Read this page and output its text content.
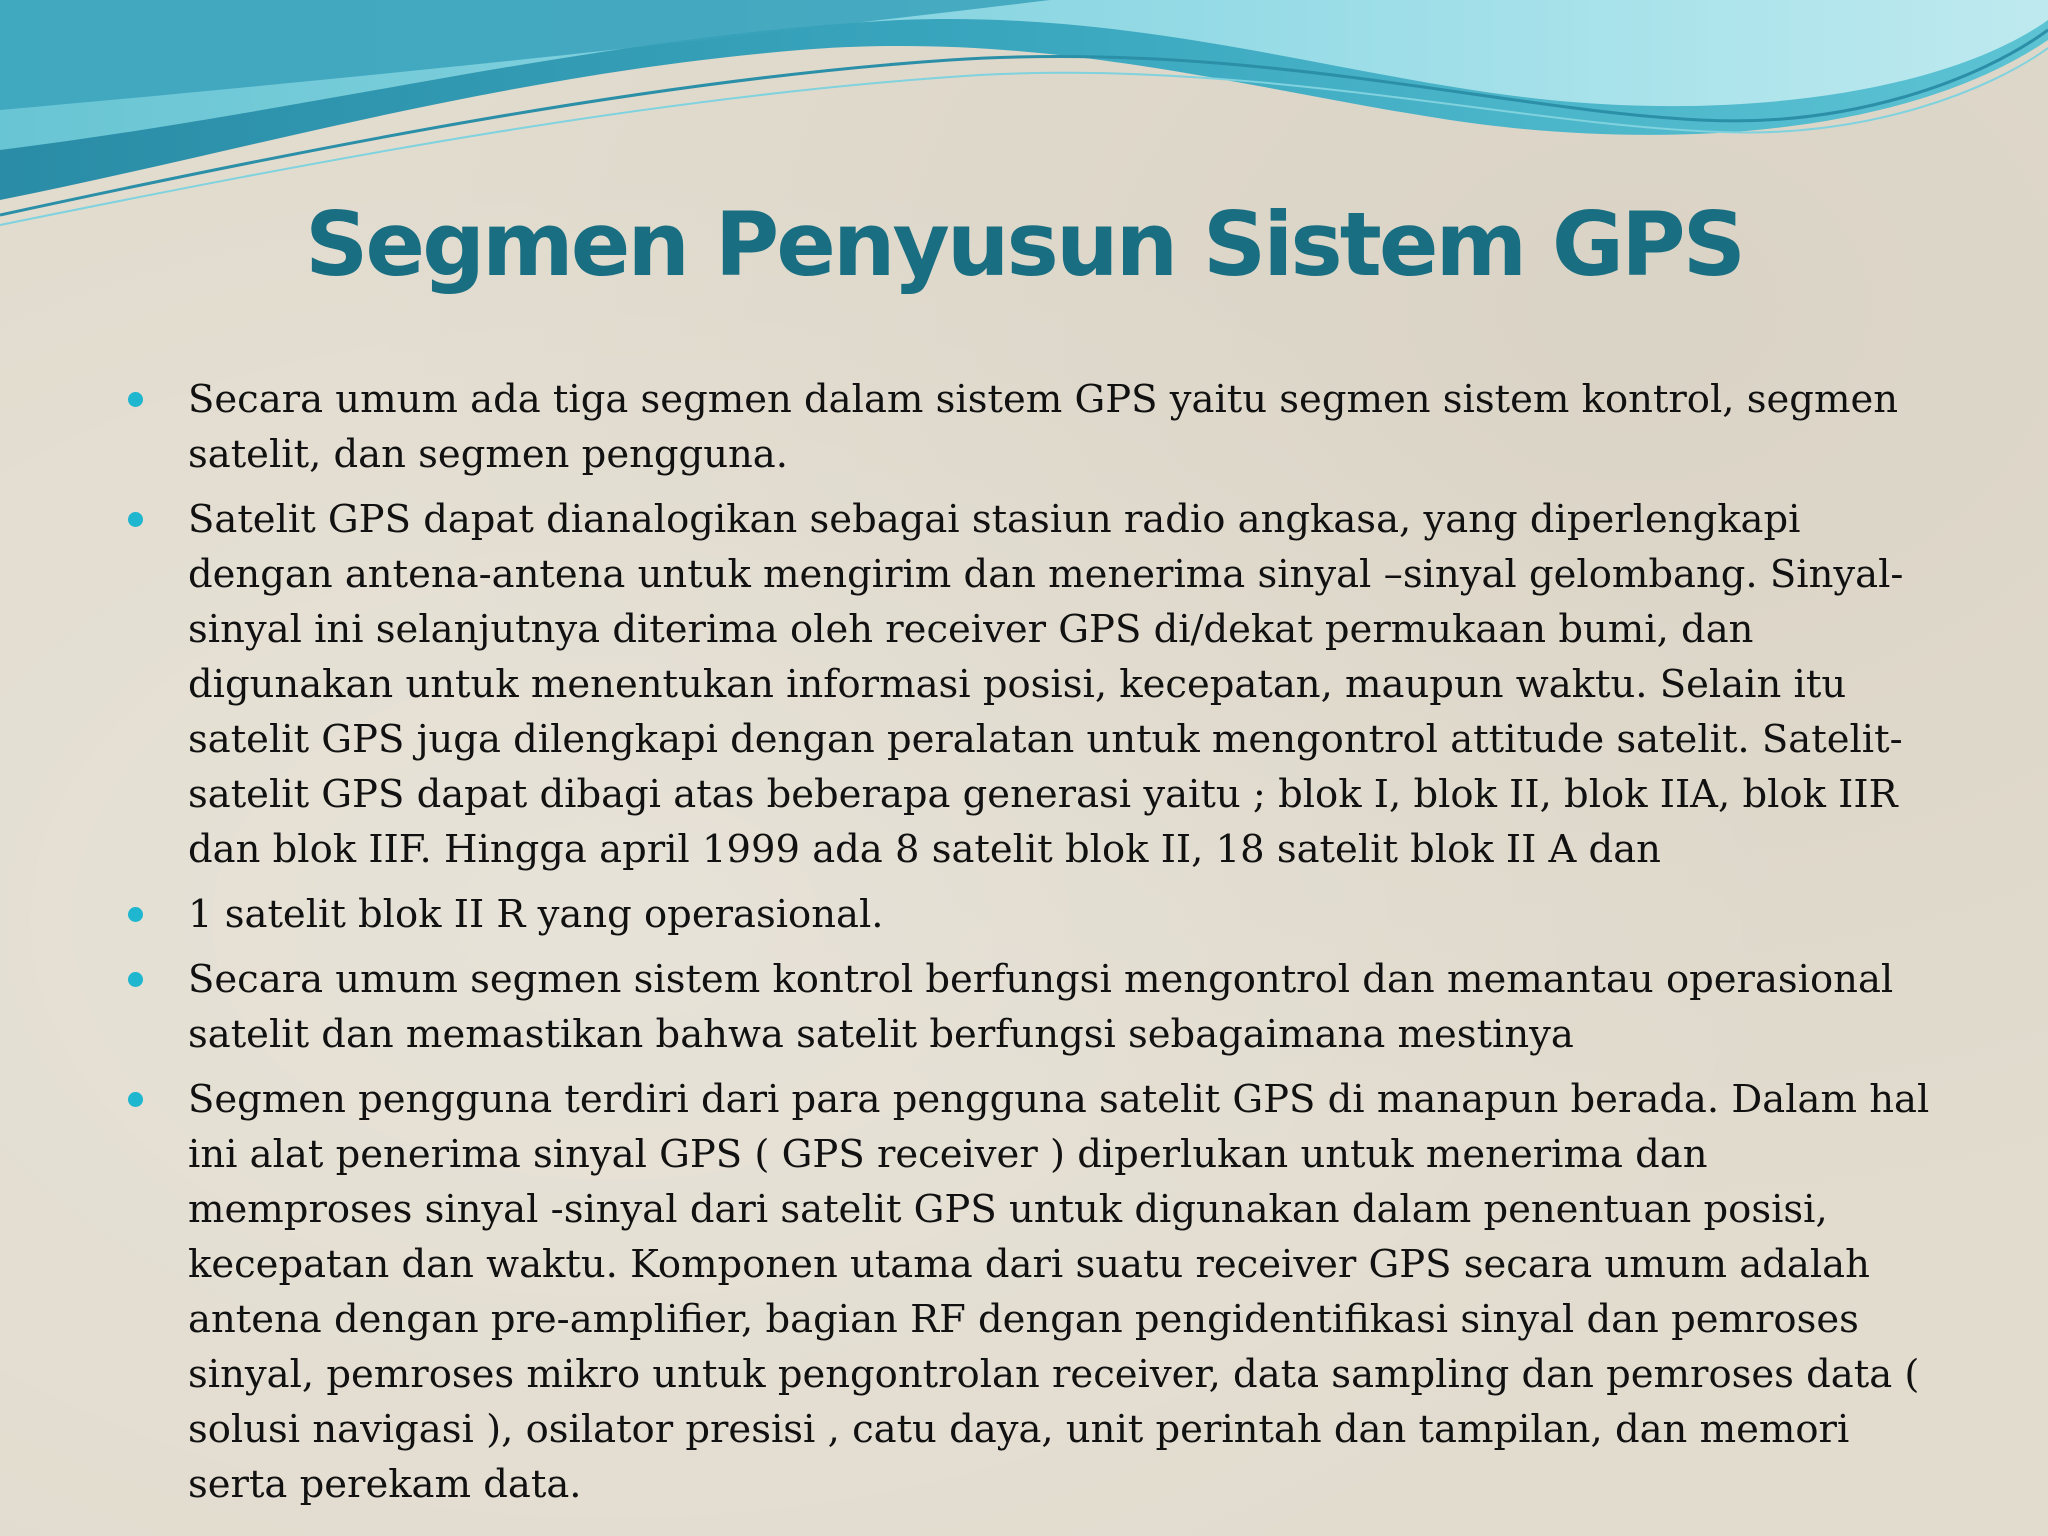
Segmen Penyusun Sistem GPS
Secara umum ada tiga segmen dalam sistem GPS yaitu segmen sistem kontrol, segmen satelit, dan segmen pengguna.
Satelit GPS dapat dianalogikan sebagai stasiun radio angkasa, yang diperlengkapi dengan antena-antena untuk mengirim dan menerima sinyal –sinyal gelombang. Sinyal-sinyal ini selanjutnya diterima oleh receiver GPS di/dekat permukaan bumi, dan digunakan untuk menentukan informasi posisi, kecepatan, maupun waktu. Selain itu satelit GPS juga dilengkapi dengan peralatan untuk mengontrol attitude satelit. Satelit-satelit GPS dapat dibagi atas beberapa generasi yaitu ; blok I, blok II, blok IIA, blok IIR dan blok IIF. Hingga april 1999 ada 8 satelit blok II, 18 satelit blok II A dan
1 satelit blok II R yang operasional.
Secara umum segmen sistem kontrol berfungsi mengontrol dan memantau operasional satelit dan memastikan bahwa satelit berfungsi sebagaimana mestinya
Segmen pengguna terdiri dari para pengguna satelit GPS di manapun berada. Dalam hal ini alat penerima sinyal GPS ( GPS receiver ) diperlukan untuk menerima dan memproses sinyal -sinyal dari satelit GPS untuk digunakan dalam penentuan posisi, kecepatan dan waktu. Komponen utama dari suatu receiver GPS secara umum adalah antena dengan pre-amplifier, bagian RF dengan pengidentifikasi sinyal dan pemroses sinyal, pemroses mikro untuk pengontrolan receiver, data sampling dan pemroses data ( solusi navigasi ), osilator presisi , catu daya, unit perintah dan tampilan, dan memori serta perekam data.
